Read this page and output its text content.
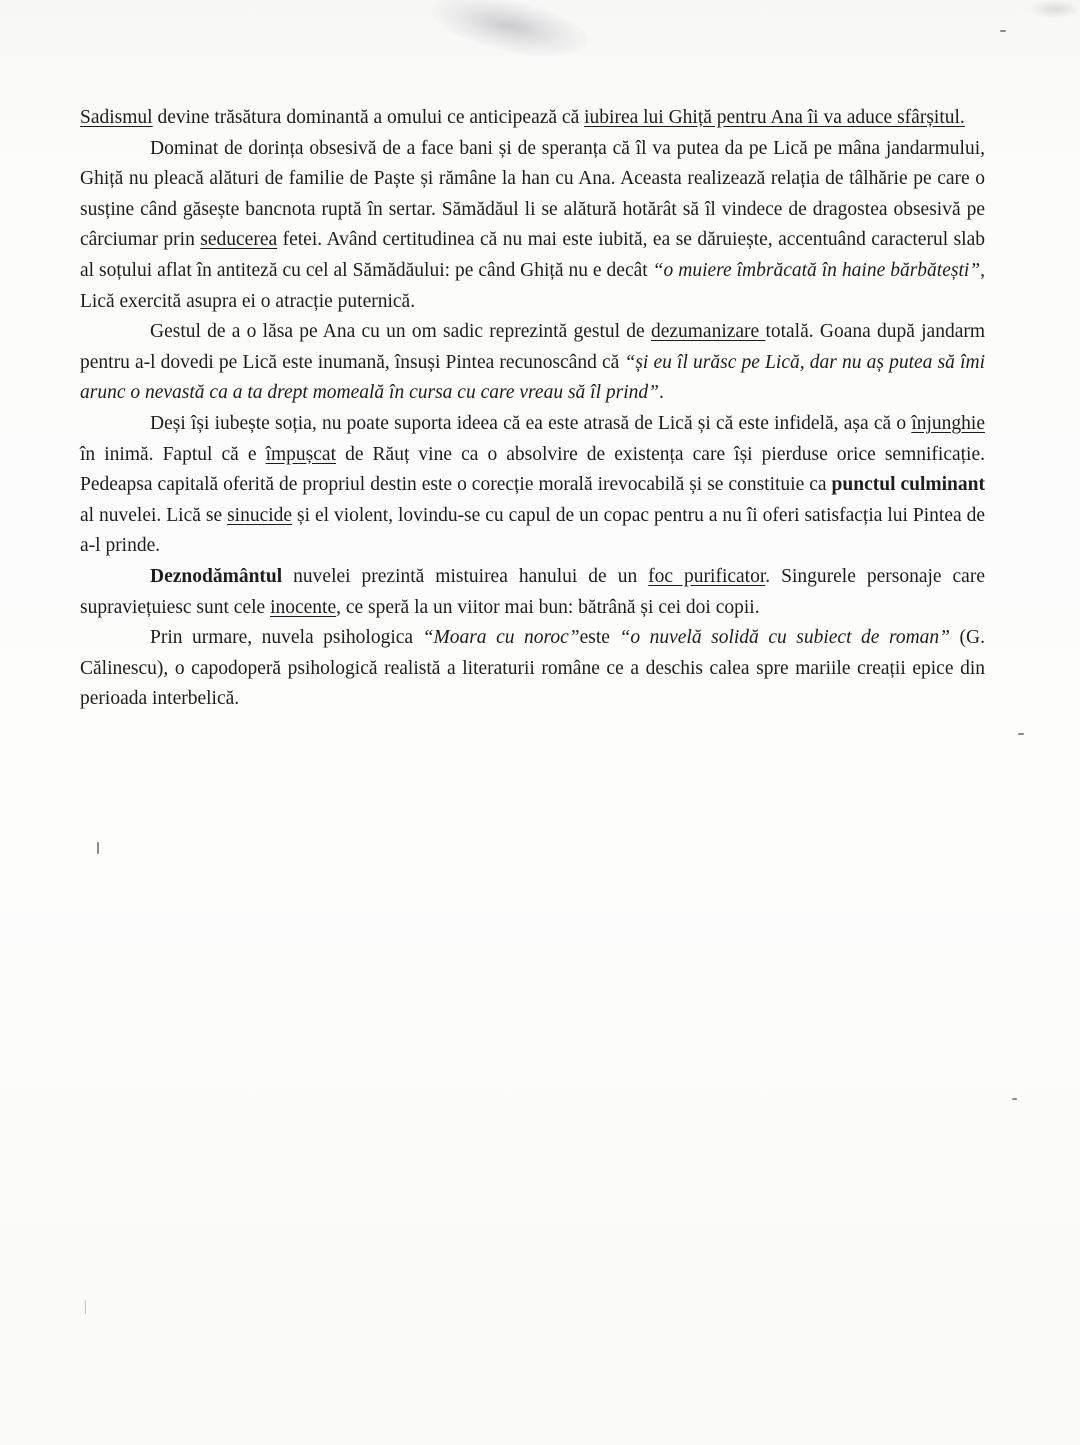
Sadismul devine trăsătura dominantă a omului ce anticipează că iubirea lui Ghiță pentru Ana îi va aduce sfârșitul.

Dominat de dorința obsesivă de a face bani și de speranța că îl va putea da pe Lică pe mâna jandarmului, Ghiță nu pleacă alături de familie de Paște și rămâne la han cu Ana. Aceasta realizează relația de tâlhărie pe care o susține când găsește bancnota ruptă în sertar. Sămădăul li se alătură hotărât să îl vindece de dragostea obsesivă pe cârciumar prin seducerea fetei. Având certitudinea că nu mai este iubită, ea se dăruiește, accentuând caracterul slab al soțului aflat în antiteză cu cel al Sămădăului: pe când Ghiță nu e decât “o muiere îmbrăcată în haine bărbătești”, Lică exercită asupra ei o atracție puternică.

Gestul de a o lăsa pe Ana cu un om sadic reprezintă gestul de dezumanizare totală. Goana după jandarm pentru a-l dovedi pe Lică este inumană, însuși Pintea recunoscând că “și eu îl urăsc pe Lică, dar nu aș putea să îmi arunc o nevastă ca a ta drept momeală în cursa cu care vreau să îl prind”.

Deși își iubește soția, nu poate suporta ideea că ea este atrasă de Lică și că este infidelă, așa că o înjunghie în inimă. Faptul că e împușcat de Răuț vine ca o absolvire de existența care își pierduse orice semnificație. Pedeapsa capitală oferită de propriul destin este o corecție morală irevocabilă și se constituie ca punctul culminant al nuvelei. Lică se sinucide și el violent, lovindu-se cu capul de un copac pentru a nu îi oferi satisfacția lui Pintea de a-l prinde.

Deznodământul nuvelei prezintă mistuirea hanului de un foc purificator. Singurele personaje care supraviețuiesc sunt cele inocente, ce speră la un viitor mai bun: bătrână și cei doi copii.

Prin urmare, nuvela psihologica “Moara cu noroc”este “o nuvelă solidă cu subiect de roman” (G. Călinescu), o capodoperă psihologică realistă a literaturii române ce a deschis calea spre mariile creații epice din perioada interbelică.
